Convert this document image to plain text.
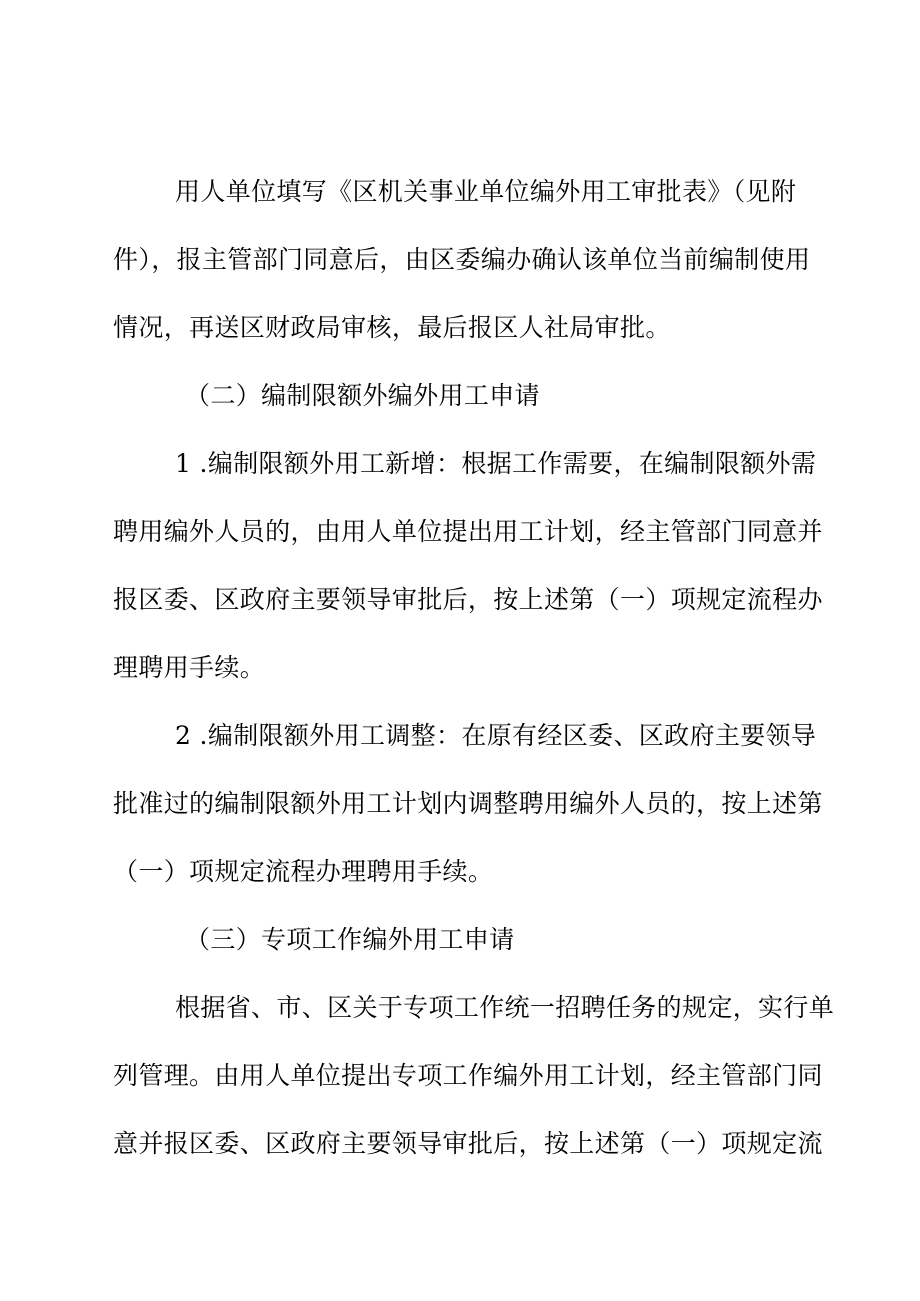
用人单位填写《区机关事业单位编外用工审批表》（见附
件），报主管部门同意后，由区委编办确认该单位当前编制使用
情况，再送区财政局审核，最后报区人社局审批。
（二）编制限额外编外用工申请
1 .编制限额外用工新增：根据工作需要，在编制限额外需
聘用编外人员的，由用人单位提出用工计划，经主管部门同意并
报区委、区政府主要领导审批后，按上述第（一）项规定流程办
理聘用手续。
2 .编制限额外用工调整：在原有经区委、区政府主要领导
批准过的编制限额外用工计划内调整聘用编外人员的，按上述第
（一）项规定流程办理聘用手续。
（三）专项工作编外用工申请
根据省、市、区关于专项工作统一招聘任务的规定，实行单
列管理。由用人单位提出专项工作编外用工计划，经主管部门同
意并报区委、区政府主要领导审批后，按上述第（一）项规定流
